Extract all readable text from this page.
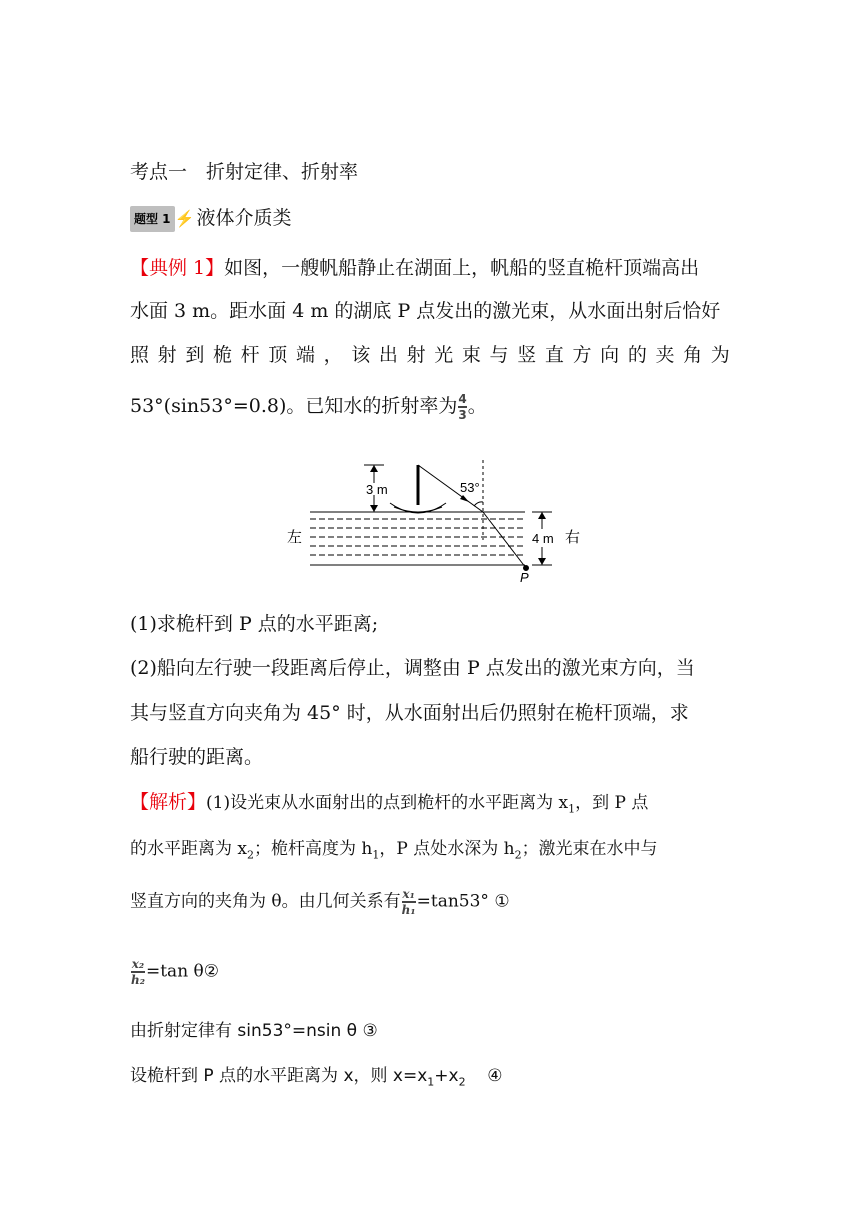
考点一　折射定律、折射率
题型 1 ⚡ 液体介质类
【典例 1】如图，一艘帆船静止在湖面上，帆船的竖直桅杆顶端高出
水面 3 m。距水面 4 m 的湖底 P 点发出的激光束，从水面出射后恰好
照 射 到 桅 杆 顶 端 ， 该 出 射 光 束 与 竖 直 方 向 的 夹 角 为
53°(sin53°=0.8)。已知水的折射率为 $\frac{4}{3}$ 。
左	右
3 m
4 m
53°
P
(1)求桅杆到 P 点的水平距离;
(2)船向左行驶一段距离后停止，调整由 P 点发出的激光束方向，当
其与竖直方向夹角为 45° 时，从水面射出后仍照射在桅杆顶端，求
船行驶的距离。
【解析】(1)设光束从水面射出的点到桅杆的水平距离为 $x_1$，到 P 点
的水平距离为 $x_2$；桅杆高度为 $h_1$，P 点处水深为 $h_2$；激光束在水中与
竖直方向的夹角为 θ。由几何关系有 $\frac{\text{x₁}}{\text{h₁}} =\tan 53^\circ$ ①
$\frac{\text{x₂}}{\text{h₂}} =\tan$ θ②
由折射定律有 sin53°=nsin θ ③
设桅杆到 P 点的水平距离为 x，则 $x=x_1+x_2$ ④
